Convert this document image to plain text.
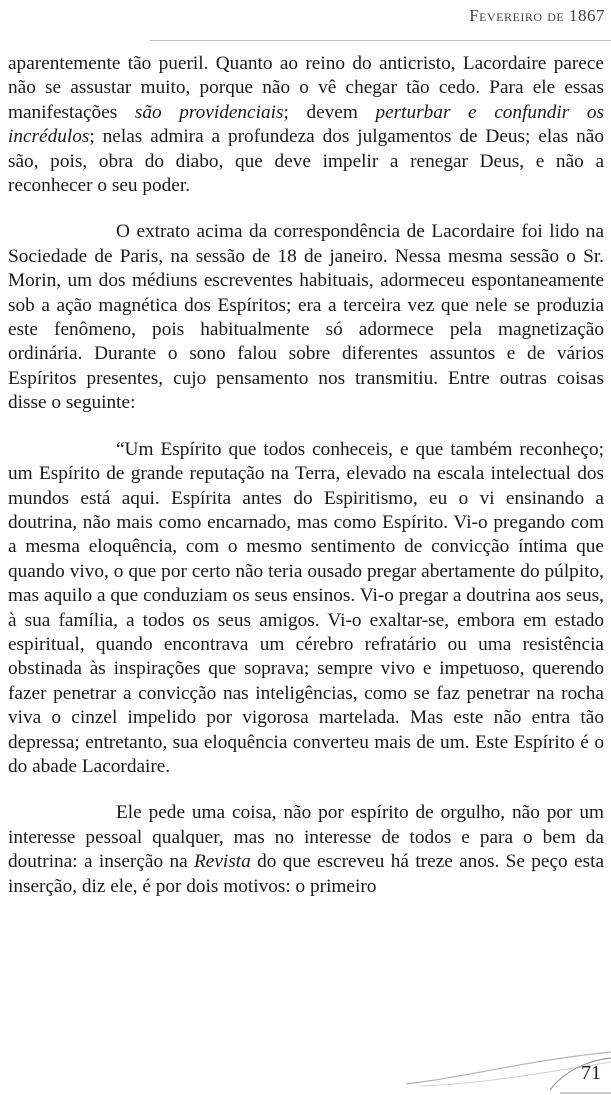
Fevereiro de 1867

aparentemente tão pueril. Quanto ao reino do anticristo, Lacordaire parece não se assustar muito, porque não o vê chegar tão cedo. Para ele essas manifestações são providenciais; devem perturbar e confundir os incrédulos; nelas admira a profundeza dos julgamentos de Deus; elas não são, pois, obra do diabo, que deve impelir a renegar Deus, e não a reconhecer o seu poder.

O extrato acima da correspondência de Lacordaire foi lido na Sociedade de Paris, na sessão de 18 de janeiro. Nessa mesma sessão o Sr. Morin, um dos médiuns escreventes habituais, adormeceu espontaneamente sob a ação magnética dos Espíritos; era a terceira vez que nele se produzia este fenômeno, pois habitualmente só adormece pela magnetização ordinária. Durante o sono falou sobre diferentes assuntos e de vários Espíritos presentes, cujo pensamento nos transmitiu. Entre outras coisas disse o seguinte:

“Um Espírito que todos conheceis, e que também reconheço; um Espírito de grande reputação na Terra, elevado na escala intelectual dos mundos está aqui. Espírita antes do Espiritismo, eu o vi ensinando a doutrina, não mais como encarnado, mas como Espírito. Vi-o pregando com a mesma eloquência, com o mesmo sentimento de convicção íntima que quando vivo, o que por certo não teria ousado pregar abertamente do púlpito, mas aquilo a que conduziam os seus ensinos. Vi-o pregar a doutrina aos seus, à sua família, a todos os seus amigos. Vi-o exaltar-se, embora em estado espiritual, quando encontrava um cérebro refratário ou uma resistência obstinada às inspirações que soprava; sempre vivo e impetuoso, querendo fazer penetrar a convicção nas inteligências, como se faz penetrar na rocha viva o cinzel impelido por vigorosa martelada. Mas este não entra tão depressa; entretanto, sua eloquência converteu mais de um. Este Espírito é o do abade Lacordaire.

Ele pede uma coisa, não por espírito de orgulho, não por um interesse pessoal qualquer, mas no interesse de todos e para o bem da doutrina: a inserção na Revista do que escreveu há treze anos. Se peço esta inserção, diz ele, é por dois motivos: o primeiro

71
